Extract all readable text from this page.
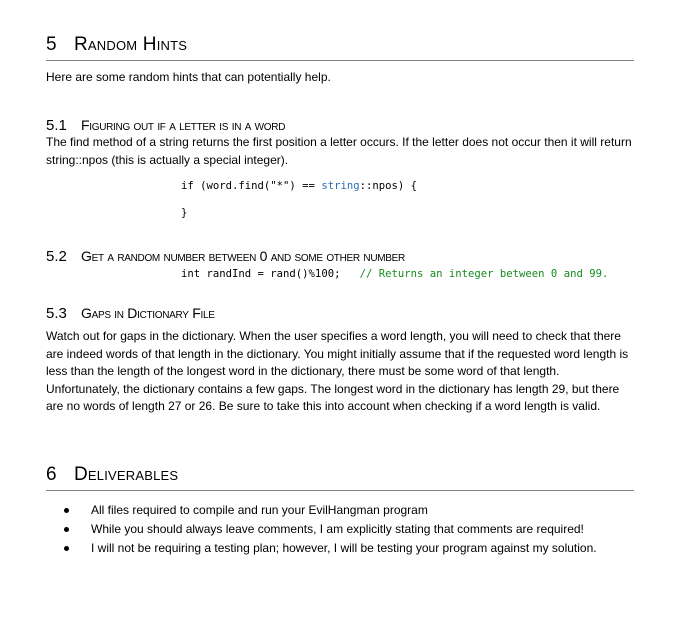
5 Random Hints
Here are some random hints that can potentially help.
5.1 Figuring out if a letter is in a word
The find method of a string returns the first position a letter occurs. If the letter does not occur then it will return string::npos (this is actually a special integer).
if (word.find("*") == string::npos) {
}
5.2 Get a random number between 0 and some other number
int randInd = rand()%100; // Returns an integer between 0 and 99.
5.3 Gaps in Dictionary File
Watch out for gaps in the dictionary. When the user specifies a word length, you will need to check that there are indeed words of that length in the dictionary. You might initially assume that if the requested word length is less than the length of the longest word in the dictionary, there must be some word of that length. Unfortunately, the dictionary contains a few gaps. The longest word in the dictionary has length 29, but there are no words of length 27 or 26. Be sure to take this into account when checking if a word length is valid.
6 Deliverables
All files required to compile and run your EvilHangman program
While you should always leave comments, I am explicitly stating that comments are required!
I will not be requiring a testing plan; however, I will be testing your program against my solution.
